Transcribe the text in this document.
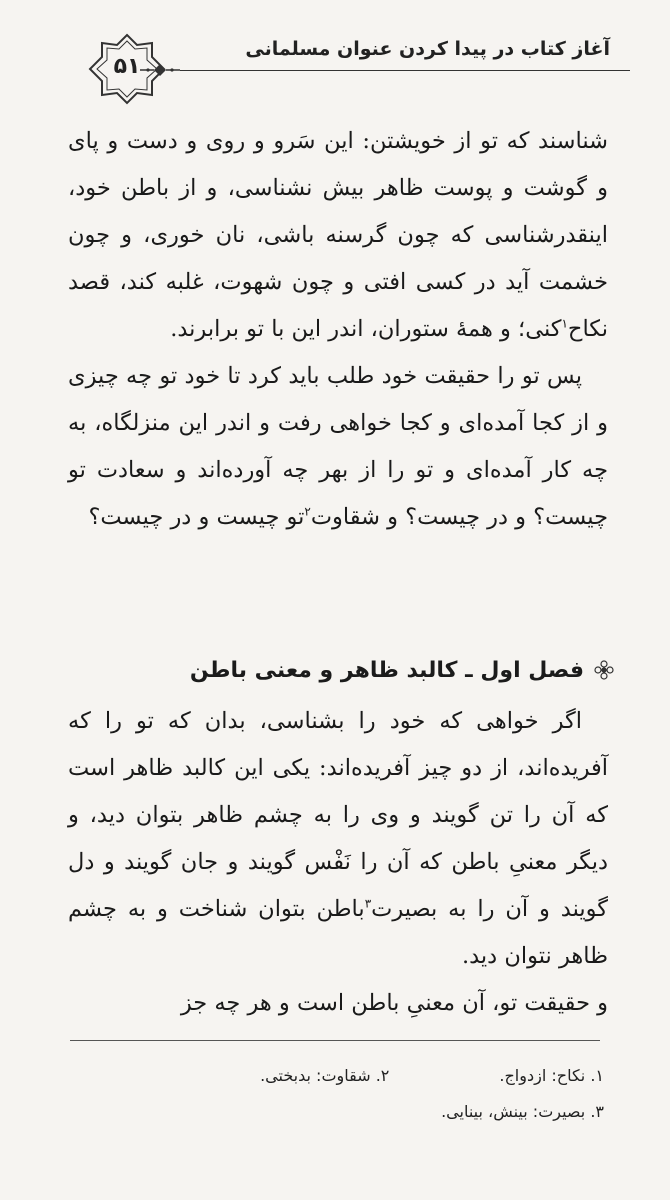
آغاز کتاب در پیدا کردن عنوان مسلمانی
۵۱

شناسند که تو از خویشتن: این سَرو و روی و دست و پای و گوشت و پوست ظاهر بیش نشناسی، و از باطن خود، اینقدرشناسی که چون گرسنه باشی، نان خوری، و چون خشمت آید در کسی افتی و چون شهوت، غلبه کند، قصد نکاح$^۱$کنی؛ و همهٔ ستوران، اندر این با تو برابرند.

پس تو را حقیقت خود طلب باید کرد تا خود تو چه چیزی و از کجا آمده‌ای و کجا خواهی رفت و اندر این منزلگاه، به چه کار آمده‌ای و تو را از بهر چه آورده‌اند و سعادت تو چیست؟ و در چیست؟ و شقاوت$^۲$تو چیست و در چیست؟

فصل اول ـ کالبد ظاهر و معنی باطن

اگر خواهی که خود را بشناسی، بدان که تو را که آفریده‌اند، از دو چیز آفریده‌اند: یکی این کالبد ظاهر است که آن را تن گویند و وی را به چشم ظاهر بتوان دید، و دیگر معنیِ باطن که آن را نَفْس گویند و جان گویند و دل گویند و آن را به بصیرت$^۳$باطن بتوان شناخت و به چشم ظاهر نتوان دید.

و حقیقت تو، آن معنیِ باطن است و هر چه جز

۱. نکاح: ازدواج.
۲. شقاوت: بدبختی.
۳. بصیرت: بینش، بینایی.
